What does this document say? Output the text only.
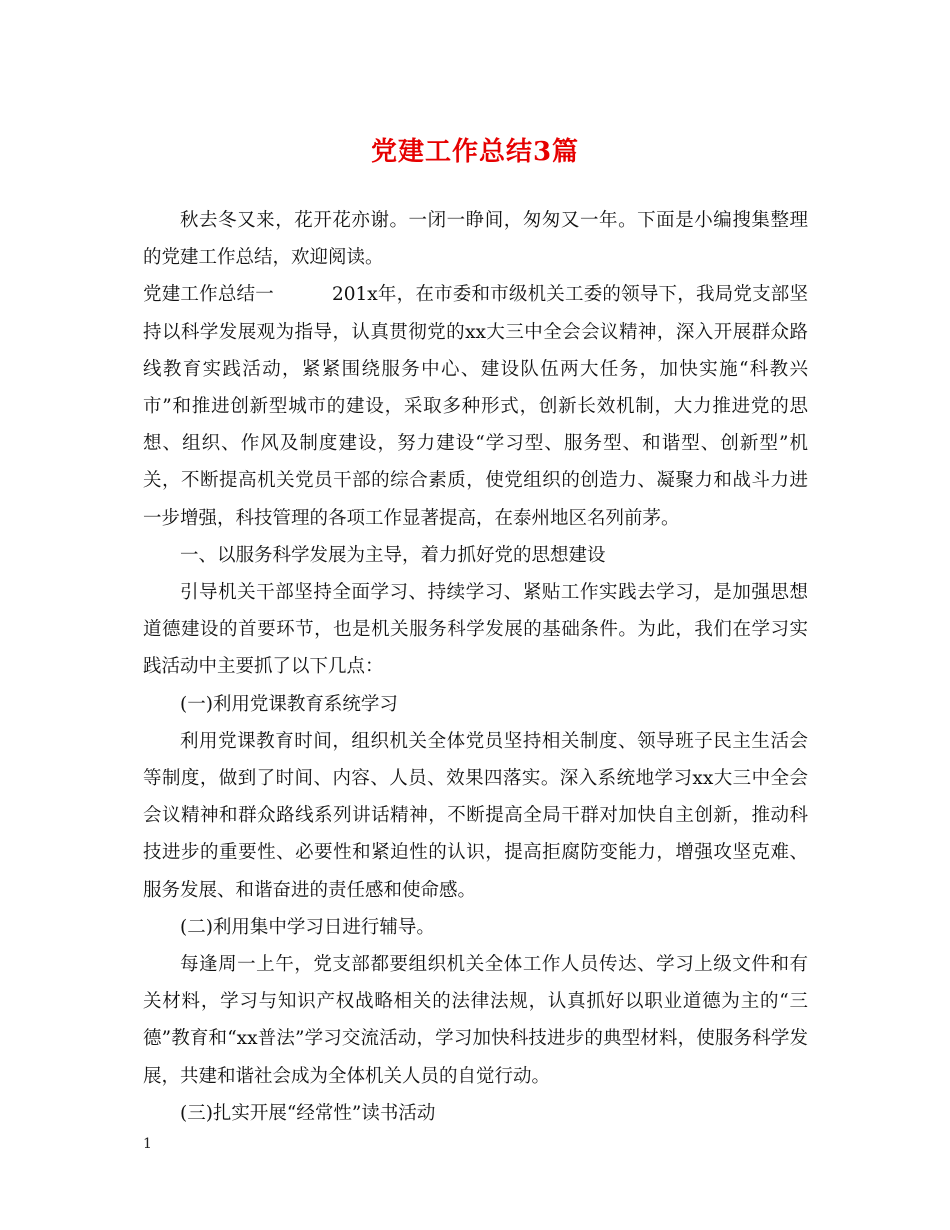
党建工作总结3篇

秋去冬又来，花开花亦谢。一闭一睁间，匆匆又一年。下面是小编搜集整理的党建工作总结，欢迎阅读。

党建工作总结一	201x年，在市委和市级机关工委的领导下，我局党支部坚持以科学发展观为指导，认真贯彻党的xx大三中全会会议精神，深入开展群众路线教育实践活动，紧紧围绕服务中心、建设队伍两大任务，加快实施“科教兴市”和推进创新型城市的建设，采取多种形式，创新长效机制，大力推进党的思想、组织、作风及制度建设，努力建设“学习型、服务型、和谐型、创新型”机关，不断提高机关党员干部的综合素质，使党组织的创造力、凝聚力和战斗力进一步增强，科技管理的各项工作显著提高，在泰州地区名列前茅。

一、以服务科学发展为主导，着力抓好党的思想建设

引导机关干部坚持全面学习、持续学习、紧贴工作实践去学习，是加强思想道德建设的首要环节，也是机关服务科学发展的基础条件。为此，我们在学习实践活动中主要抓了以下几点：

(一)利用党课教育系统学习

利用党课教育时间，组织机关全体党员坚持相关制度、领导班子民主生活会等制度，做到了时间、内容、人员、效果四落实。深入系统地学习xx大三中全会会议精神和群众路线系列讲话精神，不断提高全局干群对加快自主创新，推动科技进步的重要性、必要性和紧迫性的认识，提高拒腐防变能力，增强攻坚克难、服务发展、和谐奋进的责任感和使命感。

(二)利用集中学习日进行辅导。

每逢周一上午，党支部都要组织机关全体工作人员传达、学习上级文件和有关材料，学习与知识产权战略相关的法律法规，认真抓好以职业道德为主的“三德”教育和“xx普法”学习交流活动，学习加快科技进步的典型材料，使服务科学发展，共建和谐社会成为全体机关人员的自觉行动。

(三)扎实开展“经常性”读书活动

1
